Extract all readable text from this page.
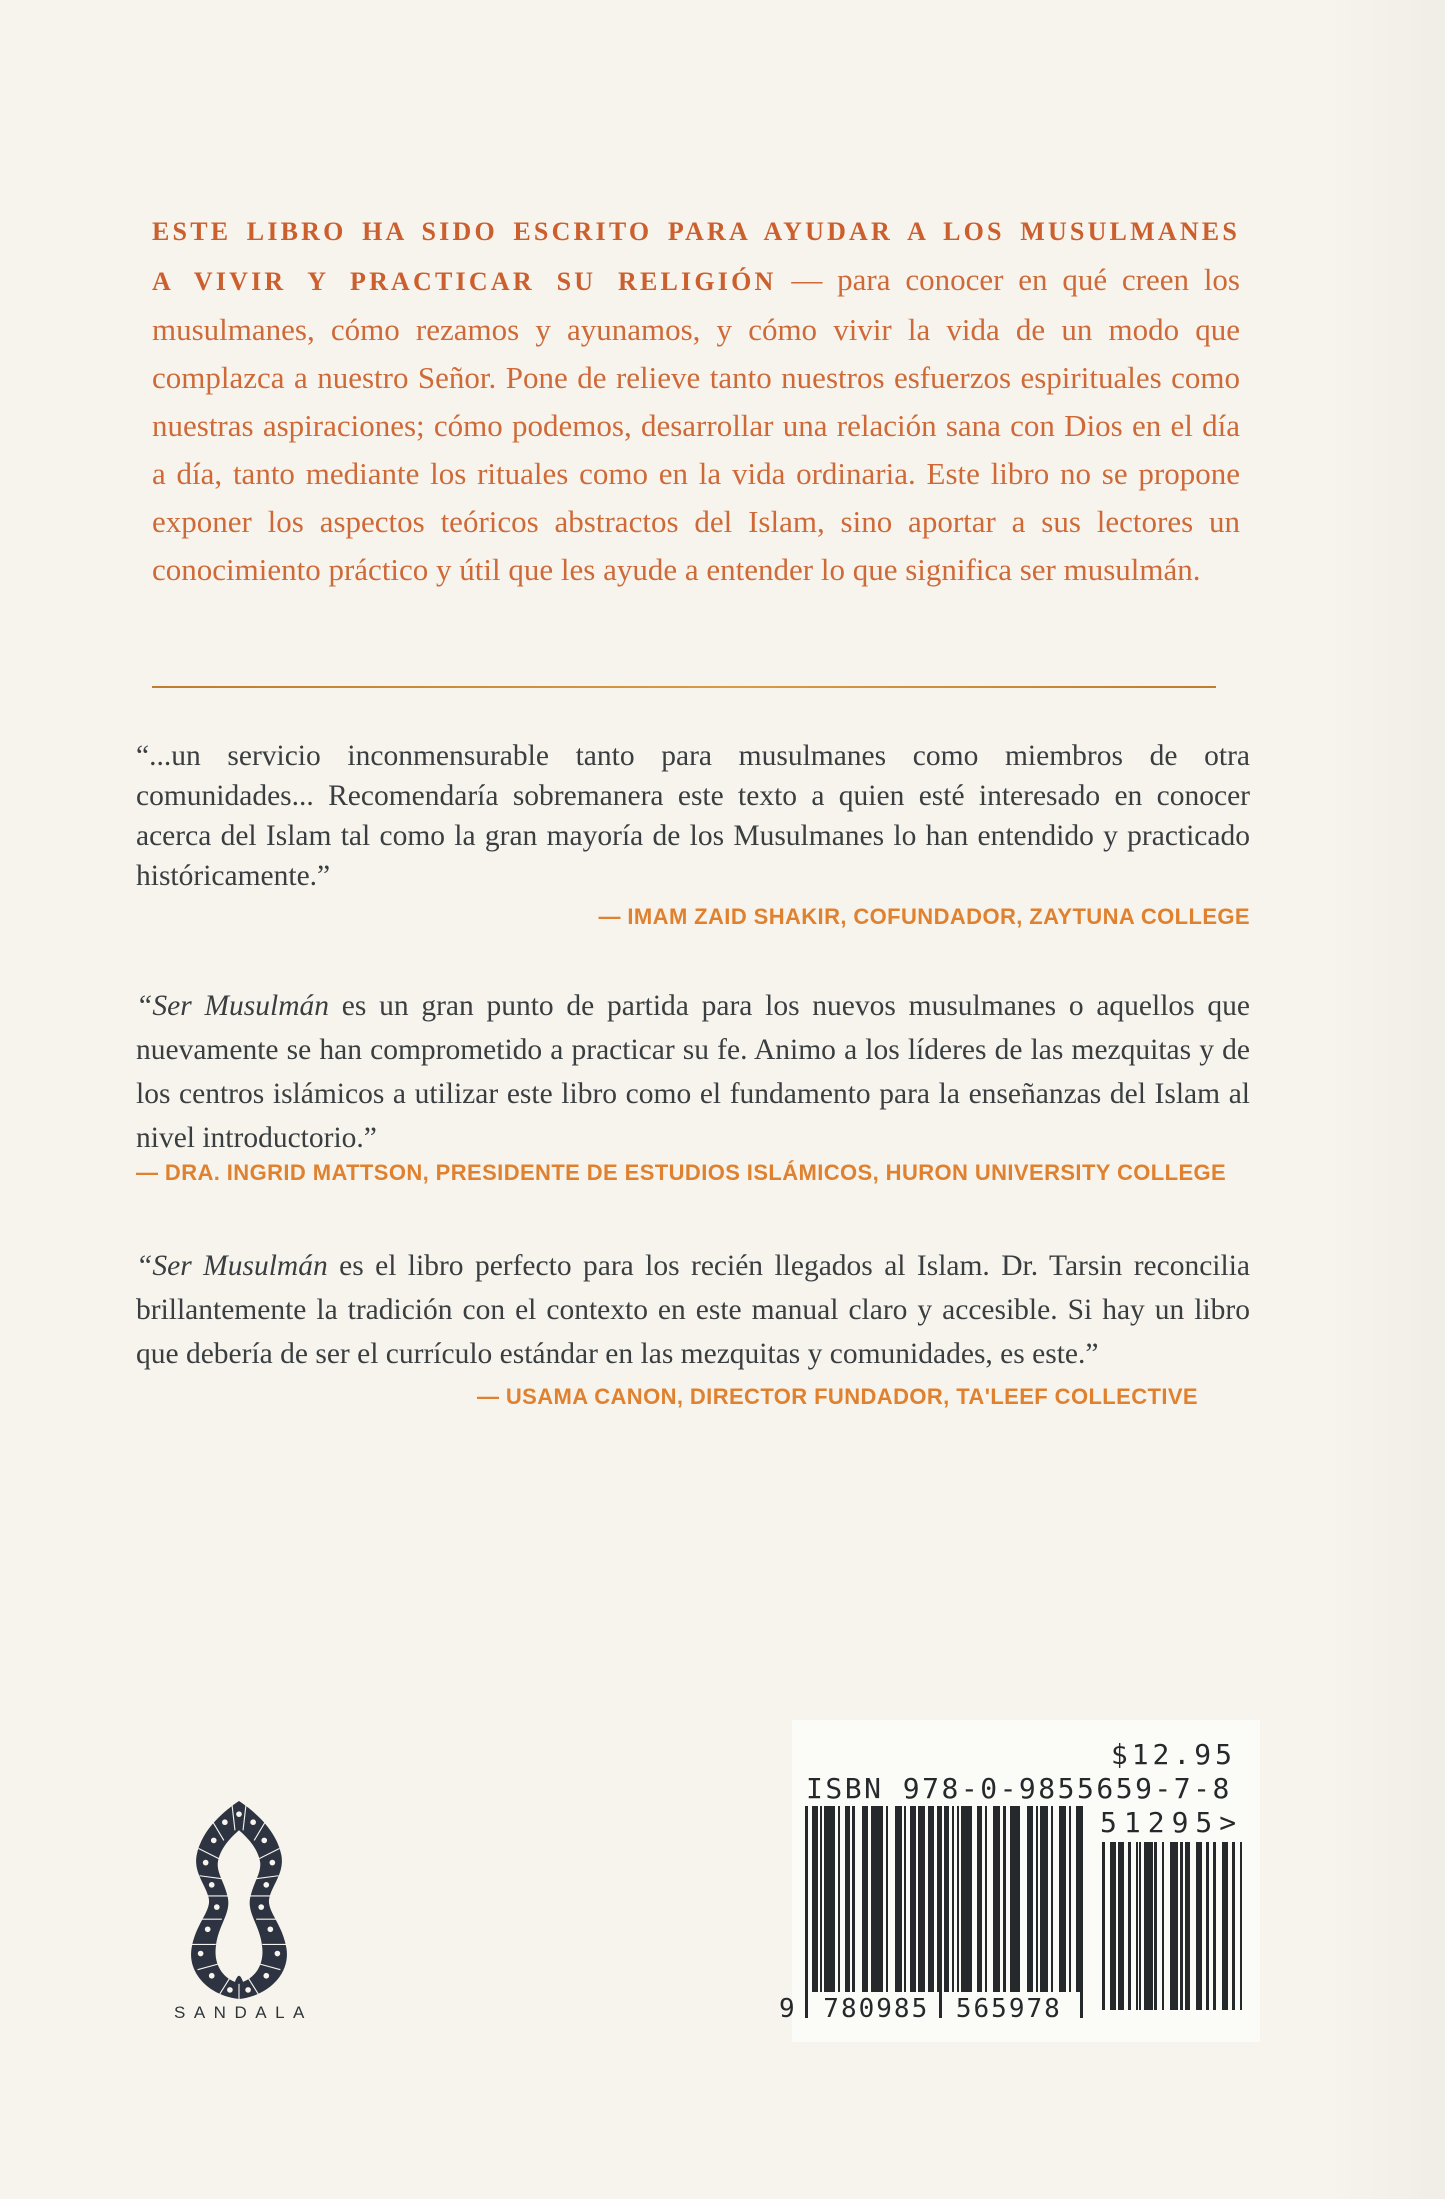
ESTE LIBRO HA SIDO ESCRITO PARA AYUDAR A LOS MUSULMANES A VIVIR Y PRACTICAR SU RELIGIÓN — para conocer en qué creen los musulmanes, cómo rezamos y ayunamos, y cómo vivir la vida de un modo que complazca a nuestro Señor. Pone de relieve tanto nuestros esfuerzos espirituales como nuestras aspiraciones; cómo podemos, desarrollar una relación sana con Dios en el día a día, tanto mediante los rituales como en la vida ordinaria. Este libro no se propone exponer los aspectos teóricos abstractos del Islam, sino aportar a sus lectores un conocimiento práctico y útil que les ayude a entender lo que significa ser musulmán.

“...un servicio inconmensurable tanto para musulmanes como miembros de otra comunidades... Recomendaría sobremanera este texto a quien esté interesado en conocer acerca del Islam tal como la gran mayoría de los Musulmanes lo han entendido y practicado históricamente.”

— IMAM ZAID SHAKIR, COFUNDADOR, ZAYTUNA COLLEGE

“Ser Musulmán es un gran punto de partida para los nuevos musulmanes o aquellos que nuevamente se han comprometido a practicar su fe. Animo a los líderes de las mezquitas y de los centros islámicos a utilizar este libro como el fundamento para la enseñanzas del Islam al nivel introductorio.”

— DRA. INGRID MATTSON, PRESIDENTE DE ESTUDIOS ISLÁMICOS, HURON UNIVERSITY COLLEGE

“Ser Musulmán es el libro perfecto para los recién llegados al Islam. Dr. Tarsin reconcilia brillantemente la tradición con el contexto en este manual claro y accesible. Si hay un libro que debería de ser el currículo estándar en las mezquitas y comunidades, es este.”

— USAMA CANON, DIRECTOR FUNDADOR, TA'LEEF COLLECTIVE

$12.95

ISBN 978-0-9855659-7-8

9 780985 565978

51295>

SANDALA
